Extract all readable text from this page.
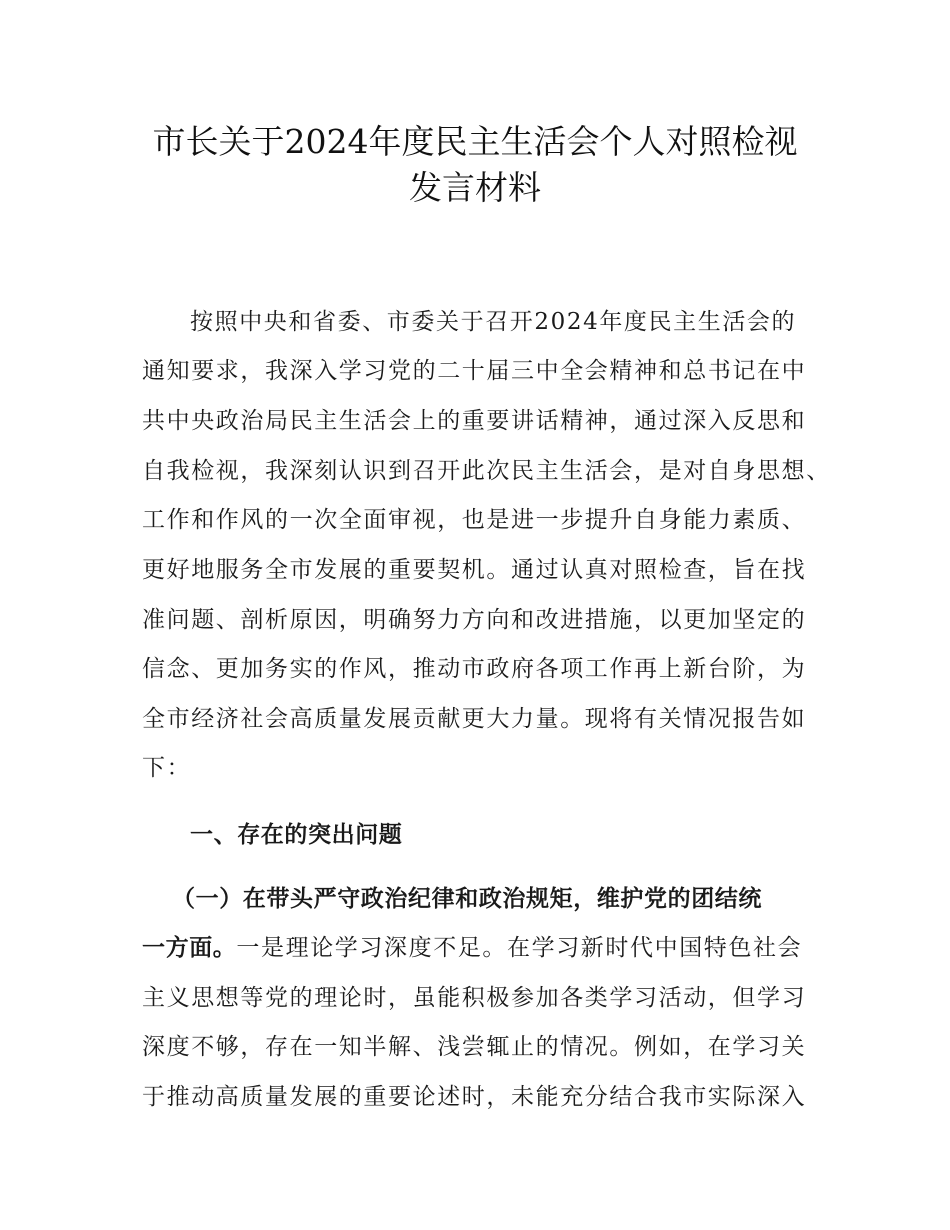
市长关于2024年度民主生活会个人对照检视
发言材料
按照中央和省委、市委关于召开2024年度民主生活会的
通知要求，我深入学习党的二十届三中全会精神和总书记在中
共中央政治局民主生活会上的重要讲话精神，通过深入反思和
自我检视，我深刻认识到召开此次民主生活会，是对自身思想、
工作和作风的一次全面审视，也是进一步提升自身能力素质、
更好地服务全市发展的重要契机。通过认真对照检查，旨在找
准问题、剖析原因，明确努力方向和改进措施，以更加坚定的
信念、更加务实的作风，推动市政府各项工作再上新台阶，为
全市经济社会高质量发展贡献更大力量。现将有关情况报告如
下：
一、存在的突出问题
（一）在带头严守政治纪律和政治规矩，维护党的团结统
一方面。一是理论学习深度不足。在学习新时代中国特色社会
主义思想等党的理论时，虽能积极参加各类学习活动，但学习
深度不够，存在一知半解、浅尝辄止的情况。例如，在学习关
于推动高质量发展的重要论述时，未能充分结合我市实际深入
